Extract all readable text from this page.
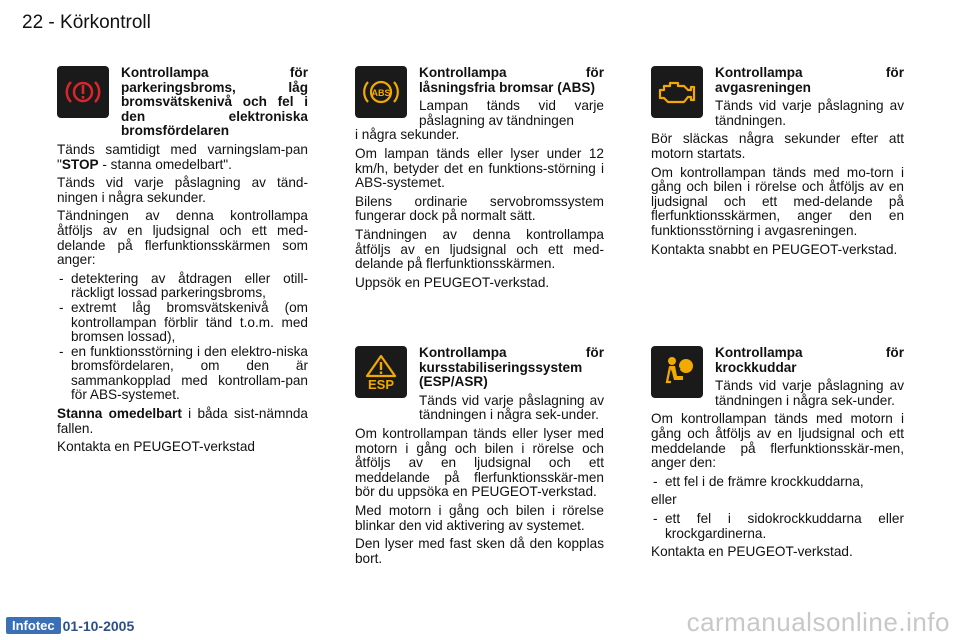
22 - Körkontroll

Kontrollampa för parkeringsbroms, låg bromsvätskenivå och fel i den elektroniska bromsfördelaren

Tänds samtidigt med varningslam-pan "STOP - stanna omedelbart".

Tänds vid varje påslagning av tänd-ningen i några sekunder.

Tändningen av denna kontrollampa åtföljs av en ljudsignal och ett med-delande på flerfunktionsskärmen som anger:

- detektering av åtdragen eller otill-räckligt lossad parkeringsbroms,
- extremt låg bromsvätskenivå (om kontrollampan förblir tänd t.o.m. med bromsen lossad),
- en funktionsstörning i den elektro-niska bromsfördelaren, om den är sammankopplad med kontrollam-pan för ABS-systemet.

Stanna omedelbart i båda sist-nämnda fallen.

Kontakta en PEUGEOT-verkstad

ABS

Kontrollampa för låsningsfria bromsar (ABS)

Lampan tänds vid varje påslagning av tändningen

i några sekunder.

Om lampan tänds eller lyser under 12 km/h, betyder det en funktions-störning i ABS-systemet.

Bilens ordinarie servobromssystem fungerar dock på normalt sätt.

Tändningen av denna kontrollampa åtföljs av en ljudsignal och ett med-delande på flerfunktionsskärmen.

Uppsök en PEUGEOT-verkstad.

ESP

Kontrollampa för kursstabiliseringssystem (ESP/ASR)

Tänds vid varje påslagning av tändningen i några sek-under.

Om kontrollampan tänds eller lyser med motorn i gång och bilen i rörelse och åtföljs av en ljudsignal och ett meddelande på flerfunktionsskär-men bör du uppsöka en PEUGEOT-verkstad.

Med motorn i gång och bilen i rörelse blinkar den vid aktivering av systemet.

Den lyser med fast sken då den kopplas bort.

Kontrollampa för avgasreningen

Tänds vid varje påslagning av tändningen.

Bör släckas några sekunder efter att motorn startats.

Om kontrollampan tänds med mo-torn i gång och bilen i rörelse och åtföljs av en ljudsignal och ett med-delande på flerfunktionsskärmen, anger den en funktionsstörning i avgasreningen.

Kontakta snabbt en PEUGEOT-verkstad.

Kontrollampa för krockkuddar

Tänds vid varje påslagning av tändningen i några sek-under.

Om kontrollampan tänds med motorn i gång och åtföljs av en ljudsignal och ett meddelande på flerfunktionsskär-men, anger den:

- ett fel i de främre krockkuddarna,

eller

- ett fel i sidokrockkuddarna eller krockgardinerna.

Kontakta en PEUGEOT-verkstad.

Infotec 01-10-2005	carmanualsonline.info
